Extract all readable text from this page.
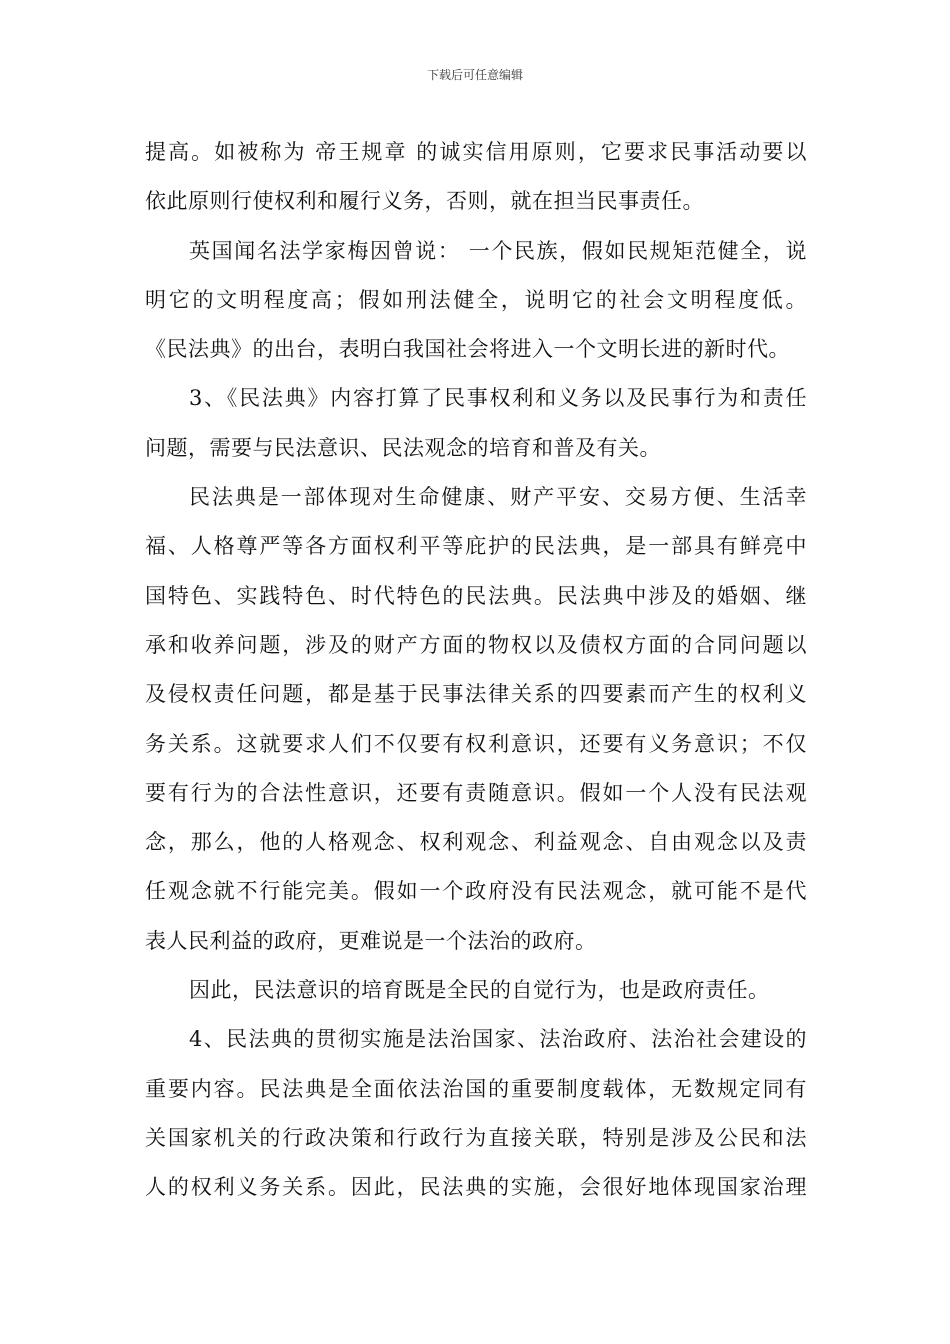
下载后可任意编辑
提高。如被称为 帝王规章 的诚实信用原则，它要求民事活动要以
依此原则行使权利和履行义务，否则，就在担当民事责任。
英国闻名法学家梅因曾说： 一个民族，假如民规矩范健全，说
明它的文明程度高；假如刑法健全，说明它的社会文明程度低。
《民法典》的出台，表明白我国社会将进入一个文明长进的新时代。
3、《民法典》内容打算了民事权利和义务以及民事行为和责任
问题，需要与民法意识、民法观念的培育和普及有关。
民法典是一部体现对生命健康、财产平安、交易方便、生活幸
福、人格尊严等各方面权利平等庇护的民法典，是一部具有鲜亮中
国特色、实践特色、时代特色的民法典。民法典中涉及的婚姻、继
承和收养问题，涉及的财产方面的物权以及债权方面的合同问题以
及侵权责任问题，都是基于民事法律关系的四要素而产生的权利义
务关系。这就要求人们不仅要有权利意识，还要有义务意识；不仅
要有行为的合法性意识，还要有责随意识。假如一个人没有民法观
念，那么，他的人格观念、权利观念、利益观念、自由观念以及责
任观念就不行能完美。假如一个政府没有民法观念，就可能不是代
表人民利益的政府，更难说是一个法治的政府。
因此，民法意识的培育既是全民的自觉行为，也是政府责任。
4、民法典的贯彻实施是法治国家、法治政府、法治社会建设的
重要内容。民法典是全面依法治国的重要制度载体，无数规定同有
关国家机关的行政决策和行政行为直接关联，特别是涉及公民和法
人的权利义务关系。因此，民法典的实施，会很好地体现国家治理
